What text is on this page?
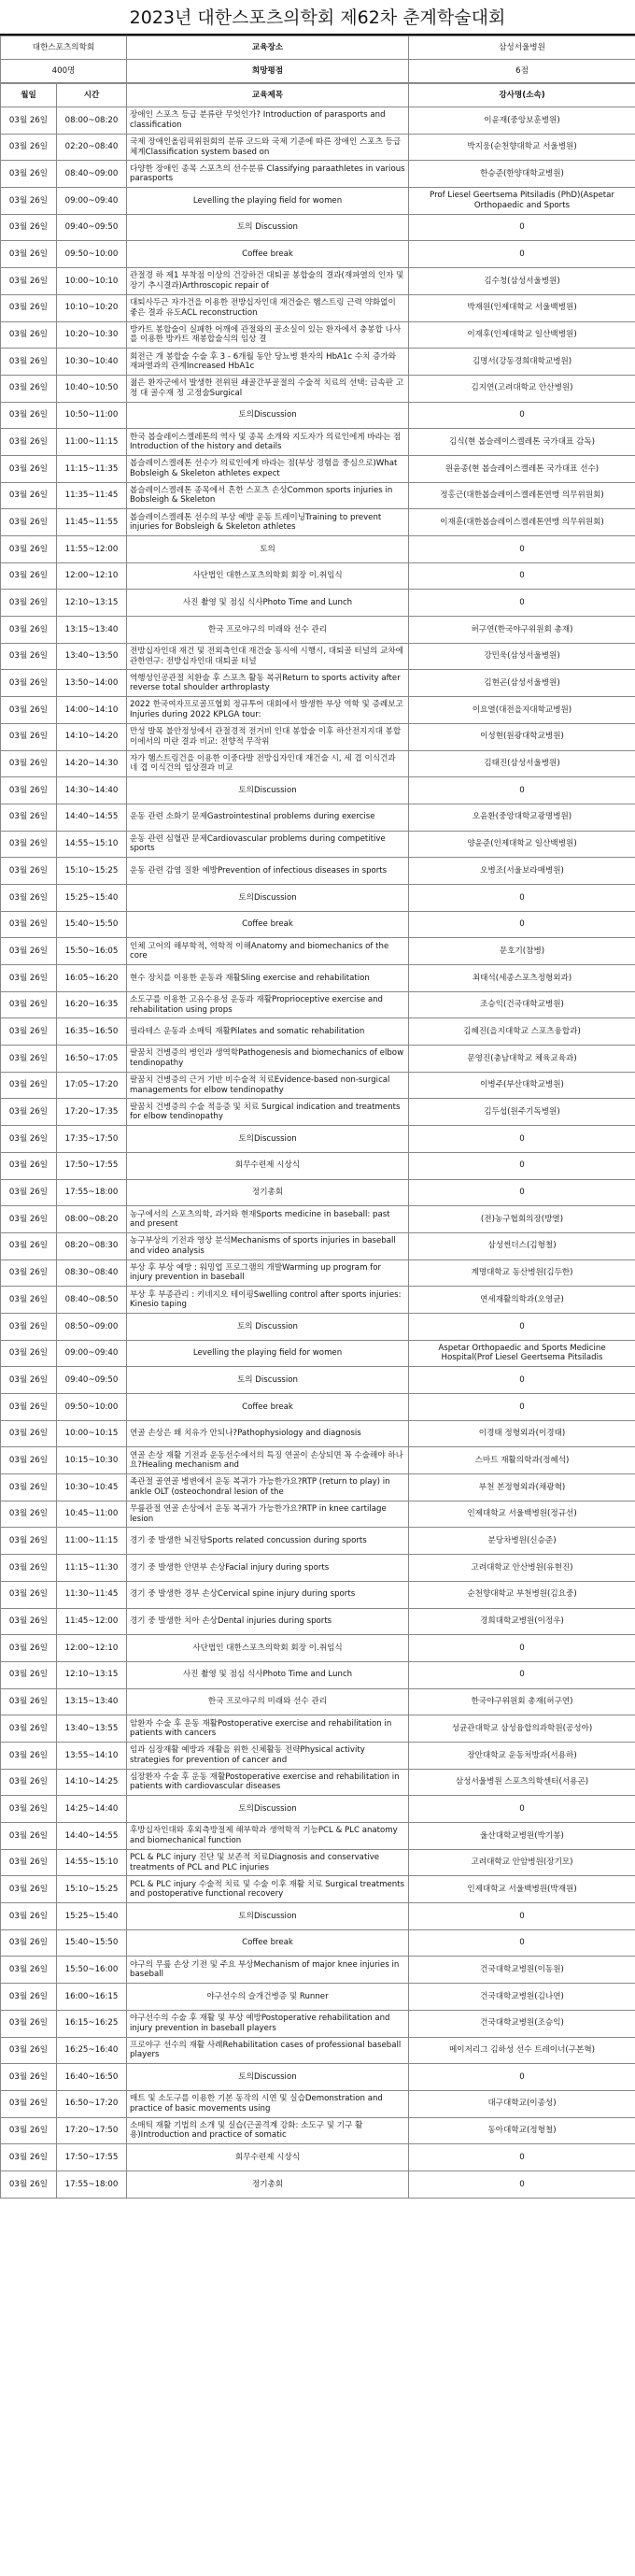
2023년 대한스포츠의학회 제62차 춘계학술대회
대한스포츠의학회	교육장소	삼성서울병원
400명	희망평점	6점
월일	시간	교육제목	강사명(소속)
03월 26일	08:00~08:20	장애인 스포츠 등급 분류란 무엇인가? Introduction of parasports and classification	이윤재(중앙보훈병원)
03월 26일	02:20~08:40	국제 장애인올림픽위원회의 분류 코드와 국제 기준에 따른 장애인 스포츠 등급 체계Classification system based on	박지웅(순천향대학교 서울병원)
03월 26일	08:40~09:00	다양한 장애인 종목 스포츠의 선수분류 Classifying paraathletes in various parasports	한승준(한양대학교병원)
03월 26일	09:00~09:40	Levelling the playing field for women	Prof Liesel Geertsema Pitsiladis (PhD)(Aspetar Orthopaedic and Sports
03월 26일	09:40~09:50	토의 Discussion	0
03월 26일	09:50~10:00	Coffee break	0
03월 26일	10:00~10:10	관절경 하 제1 부착점 이상의 건강하건 대퇴골 봉합술의 결과(재파열의 인자 및 장기 추시결과)Arthroscopic repair of	김수청(삼성서울병원)
03월 26일	10:10~10:20	대퇴사두근 자가건을 이용한 전방십자인대 재건술은 햄스트링 근력 약화없이 좋은 결과 유도ACL reconstruction	박재원(인제대학교 서울백병원)
03월 26일	10:20~10:30	방카트 봉합술이 실패한 어깨에 관절와의 골소실이 있는 환자에서 충봉합 나사를 이용한 방카트 재봉합술식의 임상 결	이재후(인제대학교 일산백병원)
03월 26일	10:30~10:40	회전근 개 봉합술 수술 후 3 - 6개월 동안 당뇨병 환자의 HbA1c 수치 증가와 재파열과의 관계Increased HbA1c	김명서(강동경희대학교병원)
03월 26일	10:40~10:50	젊은 환자군에서 발생한 전위된 쇄골간부골절의 수술적 치료의 선택: 금속판 고정 대 골수재 정 고정술Surgical	김지연(고려대학교 안산병원)
03월 26일	10:50~11:00	토의Discussion	0
03월 26일	11:00~11:15	한국 봅슬레이스켈레톤의 역사 및 종목 소개와 지도자가 의료인에게 바라는 점Introduction of the history and details	김식(현 봅슬레이스켈레톤 국가대표 감독)
03월 26일	11:15~11:35	봅슬레이스켈레톤 선수가 의료인에게 바라는 점(부상 경험을 중심으로)What Bobsleigh & Skeleton athletes expect	원윤종(현 봅슬레이스켈레톤 국가대표 선수)
03월 26일	11:35~11:45	봅슬레이스켈레톤 종목에서 흔한 스포츠 손상Common sports injuries in Bobsleigh & Skeleton	정홍근(대한봅슬레이스켈레톤연맹 의무위원회)
03월 26일	11:45~11:55	봅슬레이스켈레톤 선수의 부상 예방 운동 트레이닝Training to prevent injuries for Bobsleigh & Skeleton athletes	이재훈(대한봅슬레이스켈레톤연맹 의무위원회)
03월 26일	11:55~12:00	토의	0
03월 26일	12:00~12:10	사단법인 대한스포츠의학회 회장 이.취임식	0
03월 26일	12:10~13:15	사진 촬영 및 점심 식사Photo Time and Lunch	0
03월 26일	13:15~13:40	한국 프로야구의 미래와 선수 관리	허구연(한국야구위원회 총재)
03월 26일	13:40~13:50	전방십자인대 재건 및 전외측인대 재건술 동시에 시행시, 대퇴골 터널의 교차에 관한연구: 전방십자인대 대퇴골 터널	강민욱(삼성서울병원)
03월 26일	13:50~14:00	역행성인공관절 치환술 후 스포츠 활동 복귀Return to sports activity after reverse total shoulder arthroplasty	김현곤(삼성서울병원)
03월 26일	14:00~14:10	2022 한국여자프로골프협회 정규투어 대회에서 발생한 부상 역학 및 증례보고Injuries during 2022 KPLGA tour:	이요열(대전을지대학교병원)
03월 26일	14:10~14:20	만성 발목 불안정성에서 관절경적 전거비 인대 봉합술 이후 하산전지지대 봉합이에서의 미란 결과 비교: 전향적 무작위	이성현(원광대학교병원)
03월 26일	14:20~14:30	자가 햄스트링건을 이용한 이중다발 전방십자인대 재건술 시, 세 겹 이식건과 네 겹 이식건의 임상결과 비교	김태진(삼성서울병원)
03월 26일	14:30~14:40	토의Discussion	0
03월 26일	14:40~14:55	운동 관련 소화기 문제Gastrointestinal problems during exercise	오윤환(중앙대학교광명병원)
03월 26일	14:55~15:10	운동 관련 심혈관 문제Cardiovascular problems during competitive sports	양윤준(인제대학교 일산백병원)
03월 26일	15:10~15:25	운동 관련 감염 질환 예방Prevention of infectious diseases in sports	오병조(서울보라매병원)
03월 26일	15:25~15:40	토의Discussion	0
03월 26일	15:40~15:50	Coffee break	0
03월 26일	15:50~16:05	인체 고어의 해부학적, 역학적 이해Anatomy and biomechanics of the core	문호기(참병)
03월 26일	16:05~16:20	현수 장치를 이용한 운동과 재활Sling exercise and rehabilitation	최태석(세종스포츠정형외과)
03월 26일	16:20~16:35	소도구를 이용한 고유수용성 운동과 재활Proprioceptive exercise and rehabilitation using props	조승익(건국대학교병원)
03월 26일	16:35~16:50	필라테스 운동과 소매틱 재활Pilates and somatic rehabilitation	김혜진(을지대학교 스포츠융합과)
03월 26일	16:50~17:05	팔꿈치 건병증의 병인과 생역학Pathogenesis and biomechanics of elbow tendinopathy	문영진(충남대학교 체육교육과)
03월 26일	17:05~17:20	팔꿈치 건병증의 근거 기반 비수술적 치료Evidence-based non-surgical managements for elbow tendinopathy	이병주(부산대학교병원)
03월 26일	17:20~17:35	팔꿈치 건병증의 수술 적응증 및 치료 Surgical indication and treatments for elbow tendinopathy	김두섭(원주기독병원)
03월 26일	17:35~17:50	토의Discussion	0
03월 26일	17:50~17:55	회무수련제 시상식	0
03월 26일	17:55~18:00	정기총회	0
03월 26일	08:00~08:20	농구에서의 스포츠의학, 과거와 현재Sports medicine in baseball: past and present	(전)농구협회의장(방열)
03월 26일	08:20~08:30	농구부상의 기전과 영상 분석Mechanisms of sports injuries in baseball and video analysis	삼성썬더스(김형철)
03월 26일	08:30~08:40	부상 후 부상 예방 : 워밍업 프로그램의 개발Warming up program for injury prevention in baseball	계명대학교 동산병원(김두한)
03월 26일	08:40~08:50	부상 후 부종관리 : 키네지오 테이핑Swelling control after sports injuries: Kinesio taping	연세재활의학과(오영균)
03월 26일	08:50~09:00	토의 Discussion	0
03월 26일	09:00~09:40	Levelling the playing field for women	Aspetar Orthopaedic and Sports Medicine Hospital(Prof Liesel Geertsema Pitsiladis
03월 26일	09:40~09:50	토의 Discussion	0
03월 26일	09:50~10:00	Coffee break	0
03월 26일	10:00~10:15	연골 손상은 왜 치유가 안되나?Pathophysiology and diagnosis	이경태 정형외과(이경태)
03월 26일	10:15~10:30	연골 손상 재활 기전과 운동선수에서의 특징 연골이 손상되면 꼭 수술해야 하나요?Healing mechanism and	스마트 재활의학과(정혜석)
03월 26일	10:30~10:45	족관절 골연골 병변에서 운동 복귀가 가능한가요?RTP (return to play) in ankle OLT (osteochondral lesion of the	부천 본정형외과(채광혁)
03월 26일	10:45~11:00	무릎관절 연골 손상에서 운동 복귀가 가능한가요?RTP in knee cartilage lesion	인제대학교 서울백병원(정규선)
03월 26일	11:00~11:15	경기 중 발생한 뇌진탕Sports related concussion during sports	분당차병원(신승준)
03월 26일	11:15~11:30	경기 중 발생한 안면부 손상Facial injury during sports	고려대학교 안산병원(유현진)
03월 26일	11:30~11:45	경기 중 발생한 경부 손상Cervical spine injury during sports	순천향대학교 부천병원(김요중)
03월 26일	11:45~12:00	경기 중 발생한 치아 손상Dental injuries during sports	경희대학교병원(이정우)
03월 26일	12:00~12:10	사단법인 대한스포츠의학회 회장 이.취임식	0
03월 26일	12:10~13:15	사진 촬영 및 점심 식사Photo Time and Lunch	0
03월 26일	13:15~13:40	한국 프로야구의 미래와 선수 관리	한국야구위원회 총재(허구연)
03월 26일	13:40~13:55	암환자 수술 후 운동 재활Postoperative exercise and rehabilitation in patients with cancers	성균관대학교 삼성융합의과학원(공성아)
03월 26일	13:55~14:10	임과 심장재활 예방과 재활을 위한 신체활동 전략Physical activity strategies for prevention of cancer and	장안대학교 운동처방과(서용하)
03월 26일	14:10~14:25	심장환자 수술 후 운동 재활Postoperative exercise and rehabilitation in patients with cardiovascular diseases	삼성서울병원 스포츠의학센터(서용곤)
03월 26일	14:25~14:40	토의Discussion	0
03월 26일	14:40~14:55	후방십자인대와 후외측방절제 해부학과 생역학적 기능PCL & PLC anatomy and biomechanical function	울산대학교병원(박기봉)
03월 26일	14:55~15:10	PCL & PLC injury 진단 및 보존적 치료Diagnosis and conservative treatments of PCL and PLC injuries	고려대학교 안암병원(장기모)
03월 26일	15:10~15:25	PCL & PLC injury 수술적 치료 및 수술 이후 재활 치료 Surgical treatments and postoperative functional recovery	인제대학교 서울백병원(박재원)
03월 26일	15:25~15:40	토의Discussion	0
03월 26일	15:40~15:50	Coffee break	0
03월 26일	15:50~16:00	야구의 무릎 손상 기전 및 주요 부상Mechanism of major knee injuries in baseball	건국대학교병원(이동원)
03월 26일	16:00~16:15	야구선수의 슬개건병증 및 Runner	건국대학교병원(김나연)
03월 26일	16:15~16:25	야구선수의 수술 후 재활 및 부상 예방Postoperative rehabilitation and injury prevention in baseball players	건국대학교병원(조승익)
03월 26일	16:25~16:40	프로야구 선수의 재활 사례Rehabilitation cases of professional baseball players	메이저리그 김하성 선수 트레이너(구본혁)
03월 26일	16:40~16:50	토의Discussion	0
03월 26일	16:50~17:20	매트 및 소도구를 이용한 기본 동작의 시연 및 실습Demonstration and practice of basic movements using	대구대학교(이종성)
03월 26일	17:20~17:50	소매틱 재활 기법의 소개 및 실습(근골격계 강화: 소도구 및 기구 활용)Introduction and practice of somatic	동아대학교(정형철)
03월 26일	17:50~17:55	회무수련제 시상식	0
03월 26일	17:55~18:00	정기총회	0
